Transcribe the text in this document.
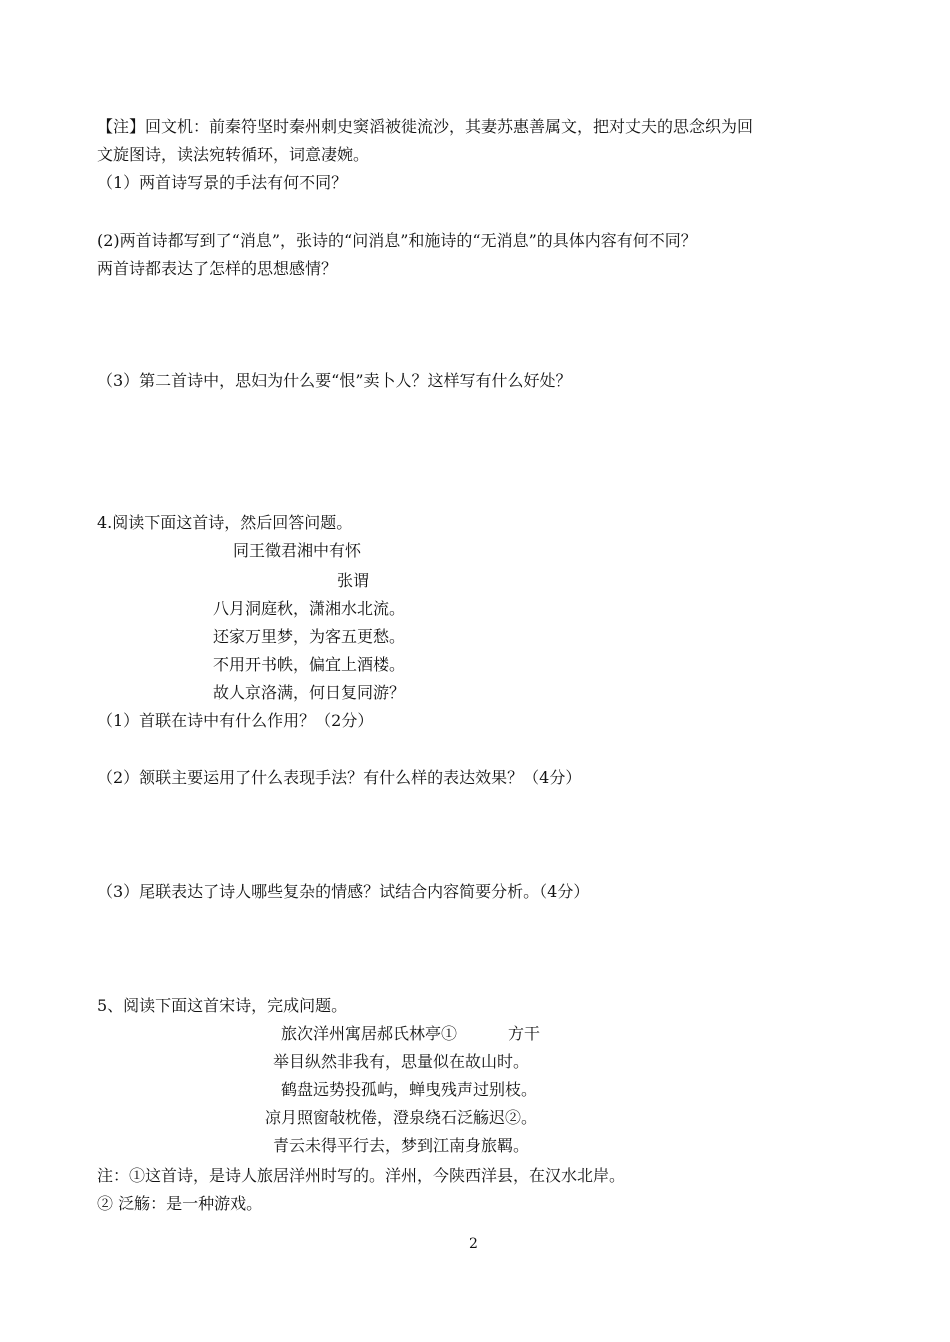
【注】回文机：前秦符坚时秦州刺史窦滔被徙流沙，其妻苏惠善属文，把对丈夫的思念织为回
文旋图诗，读法宛转循环，词意凄婉。
（1）两首诗写景的手法有何不同？
(2)两首诗都写到了“消息”，张诗的“问消息”和施诗的“无消息”的具体内容有何不同？
两首诗都表达了怎样的思想感情？
（3）第二首诗中，思妇为什么要“恨”卖卜人？这样写有什么好处？
4.阅读下面这首诗，然后回答问题。
同王徵君湘中有怀
张谓
八月洞庭秋，潇湘水北流。
还家万里梦，为客五更愁。
不用开书帙，偏宜上酒楼。
故人京洛满，何日复同游？
（1）首联在诗中有什么作用？（2分）
（2）颔联主要运用了什么表现手法？有什么样的表达效果？（4分）
（3）尾联表达了诗人哪些复杂的情感？试结合内容简要分析。（4分）
5、阅读下面这首宋诗，完成问题。
旅次洋州寓居郝氏林亭①	方干
举目纵然非我有，思量似在故山时。
鹤盘远势投孤屿，蝉曳残声过别枝。
凉月照窗敧枕倦，澄泉绕石泛觞迟②。
青云未得平行去，梦到江南身旅羁。
注：①这首诗，是诗人旅居洋州时写的。洋州，今陕西洋县，在汉水北岸。
② 泛觞：是一种游戏。
2
